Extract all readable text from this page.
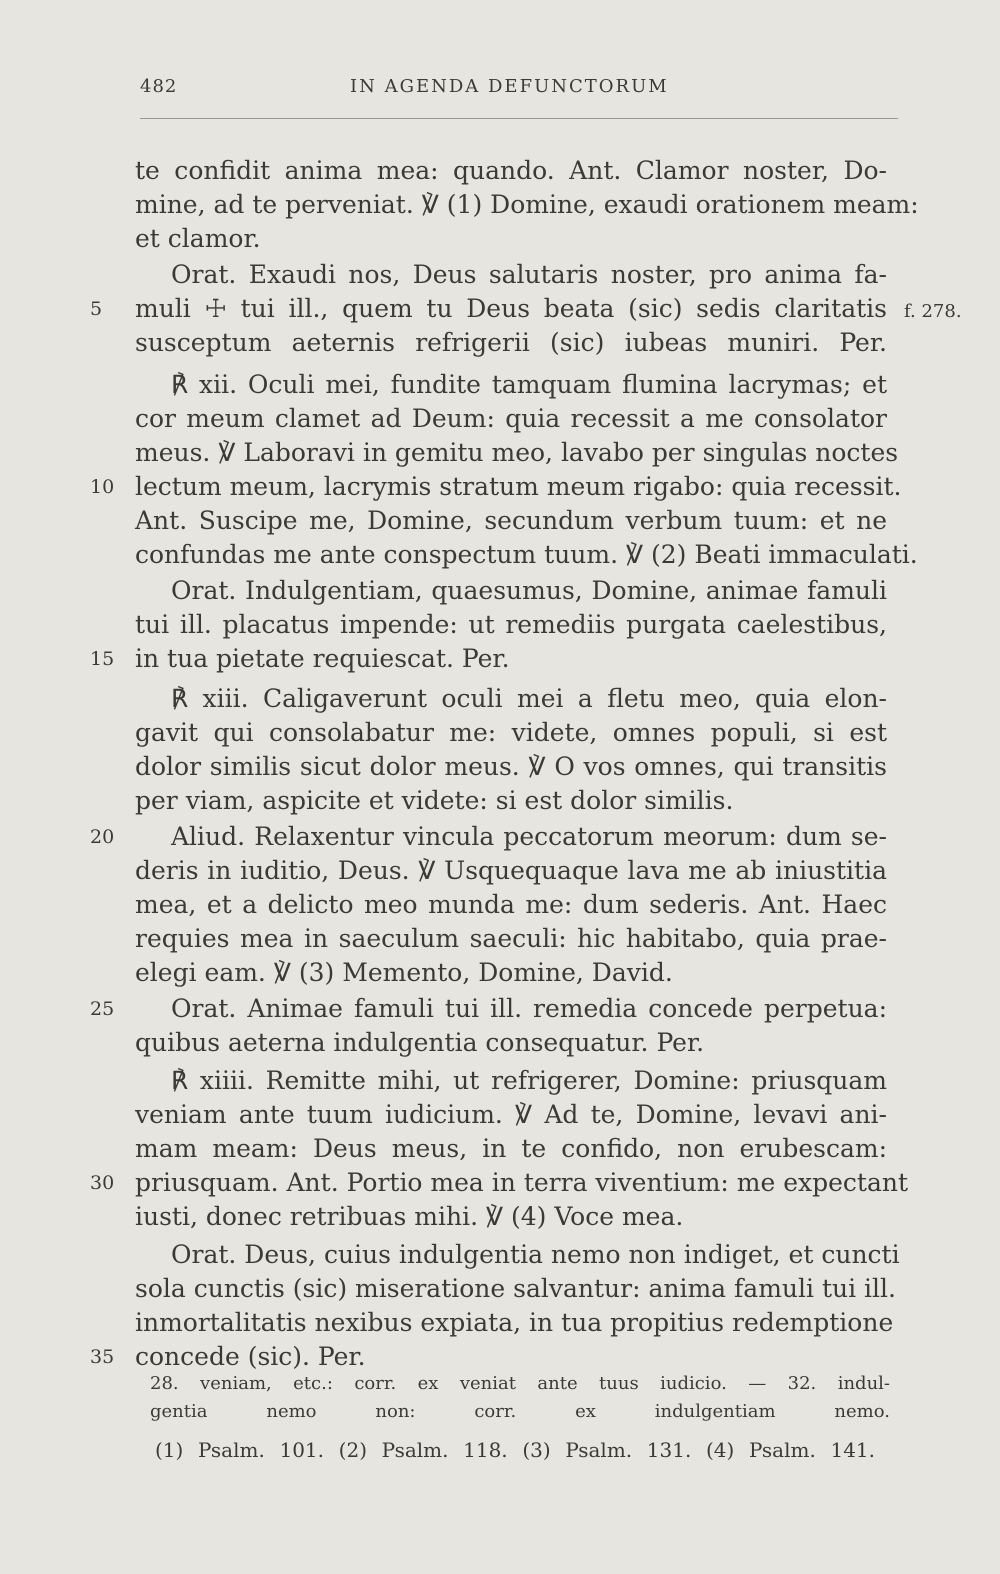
482	IN AGENDA DEFUNCTORUM
te confidit anima mea: quando. Ant. Clamor noster, Do-
mine, ad te perveniat. ℣ (1) Domine, exaudi orationem meam:
et clamor.
Orat. Exaudi nos, Deus salutaris noster, pro anima fa-
muli ☩ tui ill., quem tu Deus beata (sic) sedis claritatis
susceptum aeternis refrigerii (sic) iubeas muniri. Per.
℟ xii. Oculi mei, fundite tamquam flumina lacrymas; et
cor meum clamet ad Deum: quia recessit a me consolator
meus. ℣ Laboravi in gemitu meo, lavabo per singulas noctes
lectum meum, lacrymis stratum meum rigabo: quia recessit.
Ant. Suscipe me, Domine, secundum verbum tuum: et ne
confundas me ante conspectum tuum. ℣ (2) Beati immaculati.
Orat. Indulgentiam, quaesumus, Domine, animae famuli
tui ill. placatus impende: ut remediis purgata caelestibus,
in tua pietate requiescat. Per.
℟ xiii. Caligaverunt oculi mei a fletu meo, quia elon-
gavit qui consolabatur me: videte, omnes populi, si est
dolor similis sicut dolor meus. ℣ O vos omnes, qui transitis
per viam, aspicite et videte: si est dolor similis.
Aliud. Relaxentur vincula peccatorum meorum: dum se-
deris in iuditio, Deus. ℣ Usquequaque lava me ab iniustitia
mea, et a delicto meo munda me: dum sederis. Ant. Haec
requies mea in saeculum saeculi: hic habitabo, quia prae-
elegi eam. ℣ (3) Memento, Domine, David.
Orat. Animae famuli tui ill. remedia concede perpetua:
quibus aeterna indulgentia consequatur. Per.
℟ xiiii. Remitte mihi, ut refrigerer, Domine: priusquam
veniam ante tuum iudicium. ℣ Ad te, Domine, levavi ani-
mam meam: Deus meus, in te confido, non erubescam:
priusquam. Ant. Portio mea in terra viventium: me expectant
iusti, donec retribuas mihi. ℣ (4) Voce mea.
Orat. Deus, cuius indulgentia nemo non indiget, et cuncti
sola cunctis (sic) miseratione salvantur: anima famuli tui ill.
inmortalitatis nexibus expiata, in tua propitius redemptione
concede (sic). Per.
5
10
15
20
25
30
35
f. 278.
28. veniam, etc.: corr. ex veniat ante tuus iudicio. — 32. indul-
gentia nemo non: corr. ex indulgentiam nemo.
(1) Psalm. 101. (2) Psalm. 118. (3) Psalm. 131. (4) Psalm. 141.
